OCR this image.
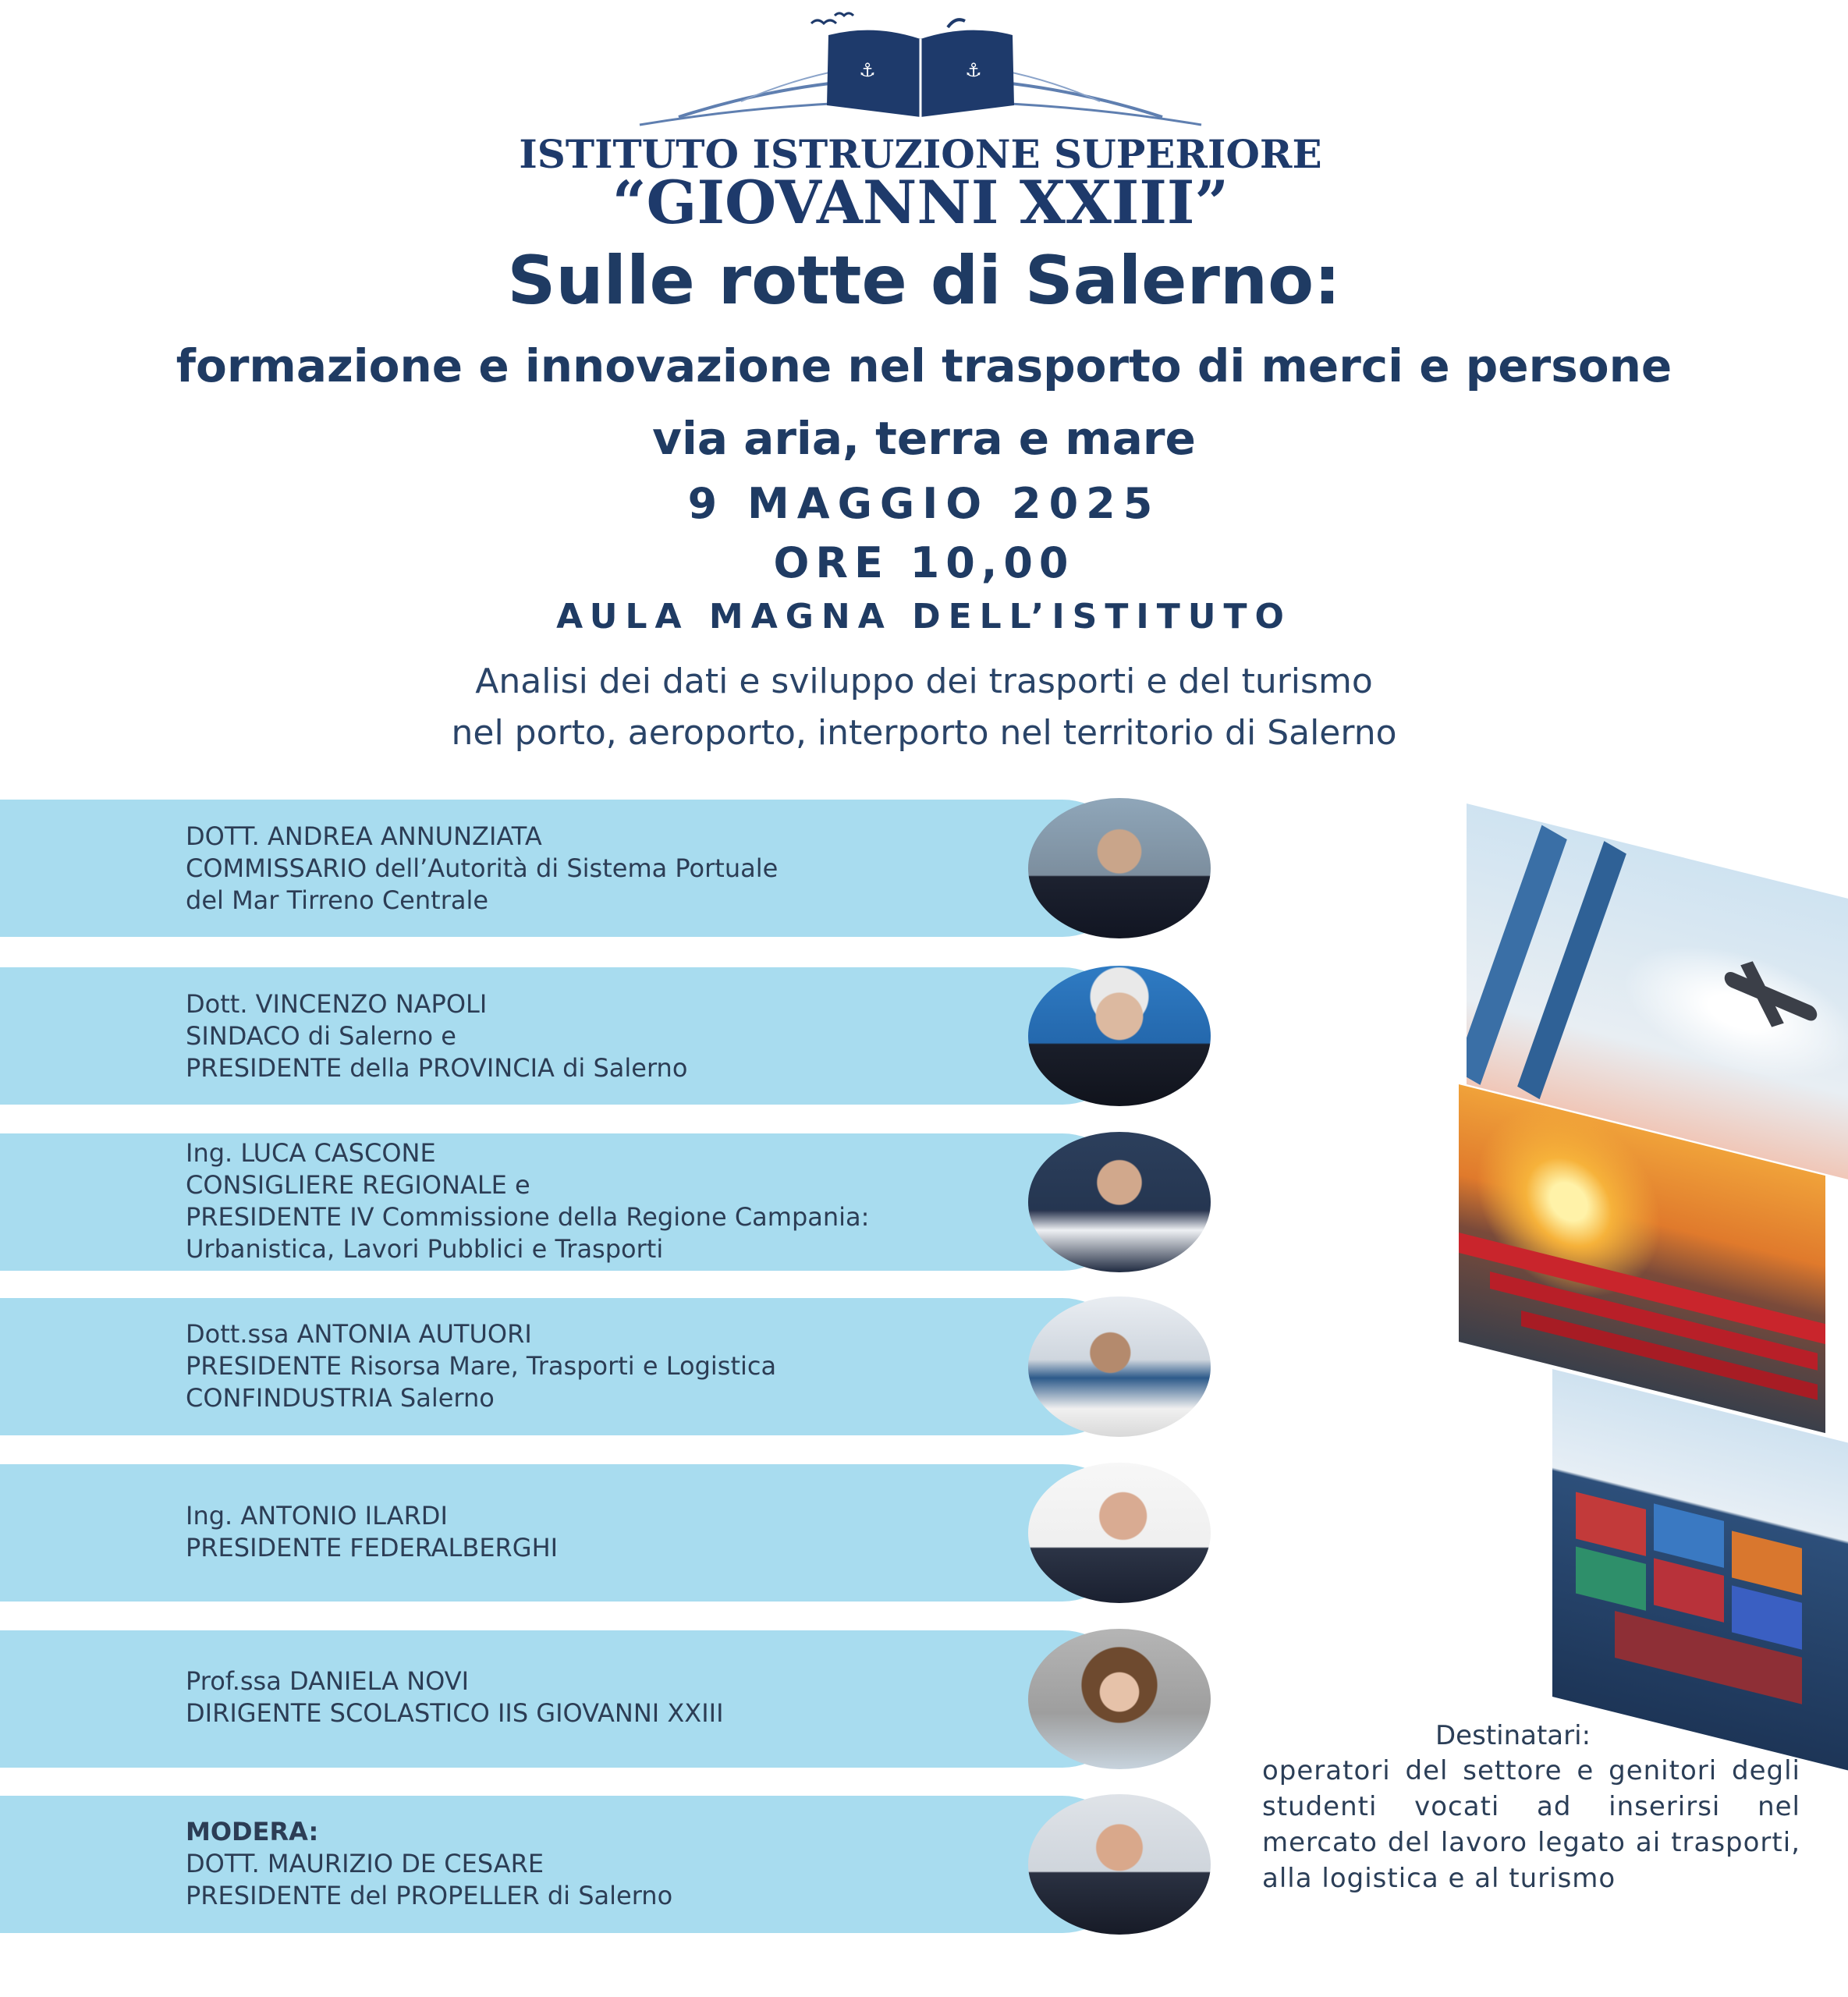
⚓	⚓
ISTITUTO ISTRUZIONE SUPERIORE
“GIOVANNI XXIII”
Sulle rotte di Salerno:
formazione e innovazione nel trasporto di merci e persone
via aria, terra e mare
9 MAGGIO 2025
ORE 10,00
AULA MAGNA DELL’ISTITUTO
Analisi dei dati e sviluppo dei trasporti e del turismo
nel porto, aeroporto, interporto nel territorio di Salerno
DOTT. ANDREA ANNUNZIATA
COMMISSARIO dell’Autorità di Sistema Portuale
del Mar Tirreno Centrale
Dott. VINCENZO NAPOLI
SINDACO di Salerno e
PRESIDENTE della PROVINCIA di Salerno
Ing. LUCA CASCONE
CONSIGLIERE REGIONALE e
PRESIDENTE IV Commissione della Regione Campania:
Urbanistica, Lavori Pubblici e Trasporti
Dott.ssa ANTONIA AUTUORI
PRESIDENTE Risorsa Mare, Trasporti e Logistica
CONFINDUSTRIA Salerno
Ing. ANTONIO ILARDI
PRESIDENTE FEDERALBERGHI
Prof.ssa DANIELA NOVI
DIRIGENTE SCOLASTICO IIS GIOVANNI XXIII
MODERA:
DOTT. MAURIZIO DE CESARE
PRESIDENTE del PROPELLER di Salerno
Destinatari:
operatori del settore e genitori degli studenti vocati ad inserirsi nel mercato del lavoro legato ai trasporti, alla logistica e al turismo
